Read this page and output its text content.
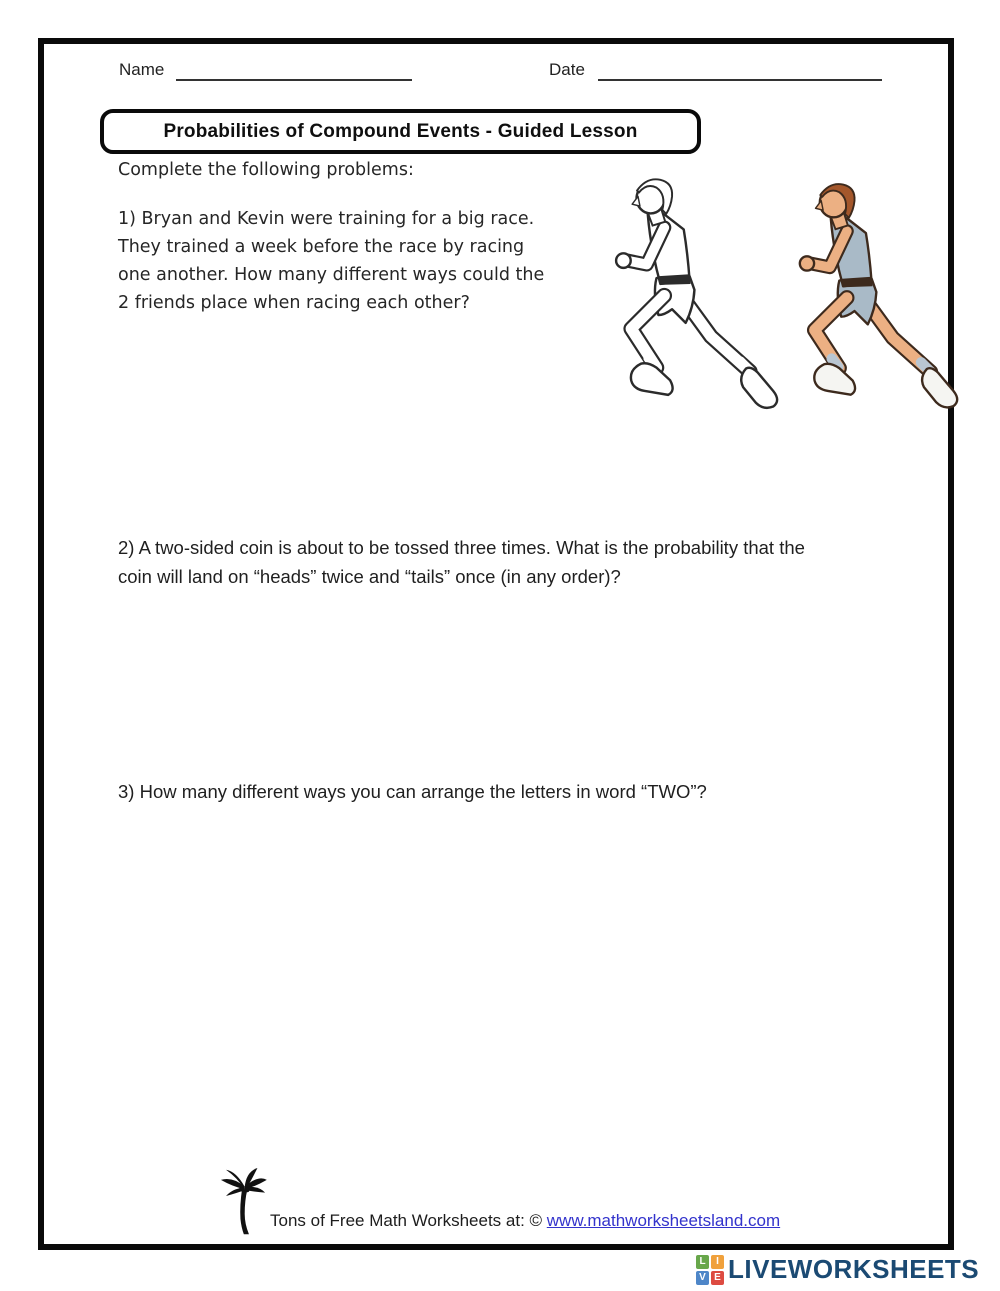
Name	Date
Probabilities of Compound Events - Guided Lesson
Complete the following problems:
1) Bryan and Kevin were training for a big race. They trained a week before the race by racing one another. How many different ways could the 2 friends place when racing each other?
2) A two-sided coin is about to be tossed three times. What is the probability that the coin will land on “heads” twice and “tails” once (in any order)?
3) How many different ways you can arrange the letters in word “TWO”?
Tons of Free Math Worksheets at: © www.mathworksheetsland.com
L	I
V E LIVEWORKSHEETS
